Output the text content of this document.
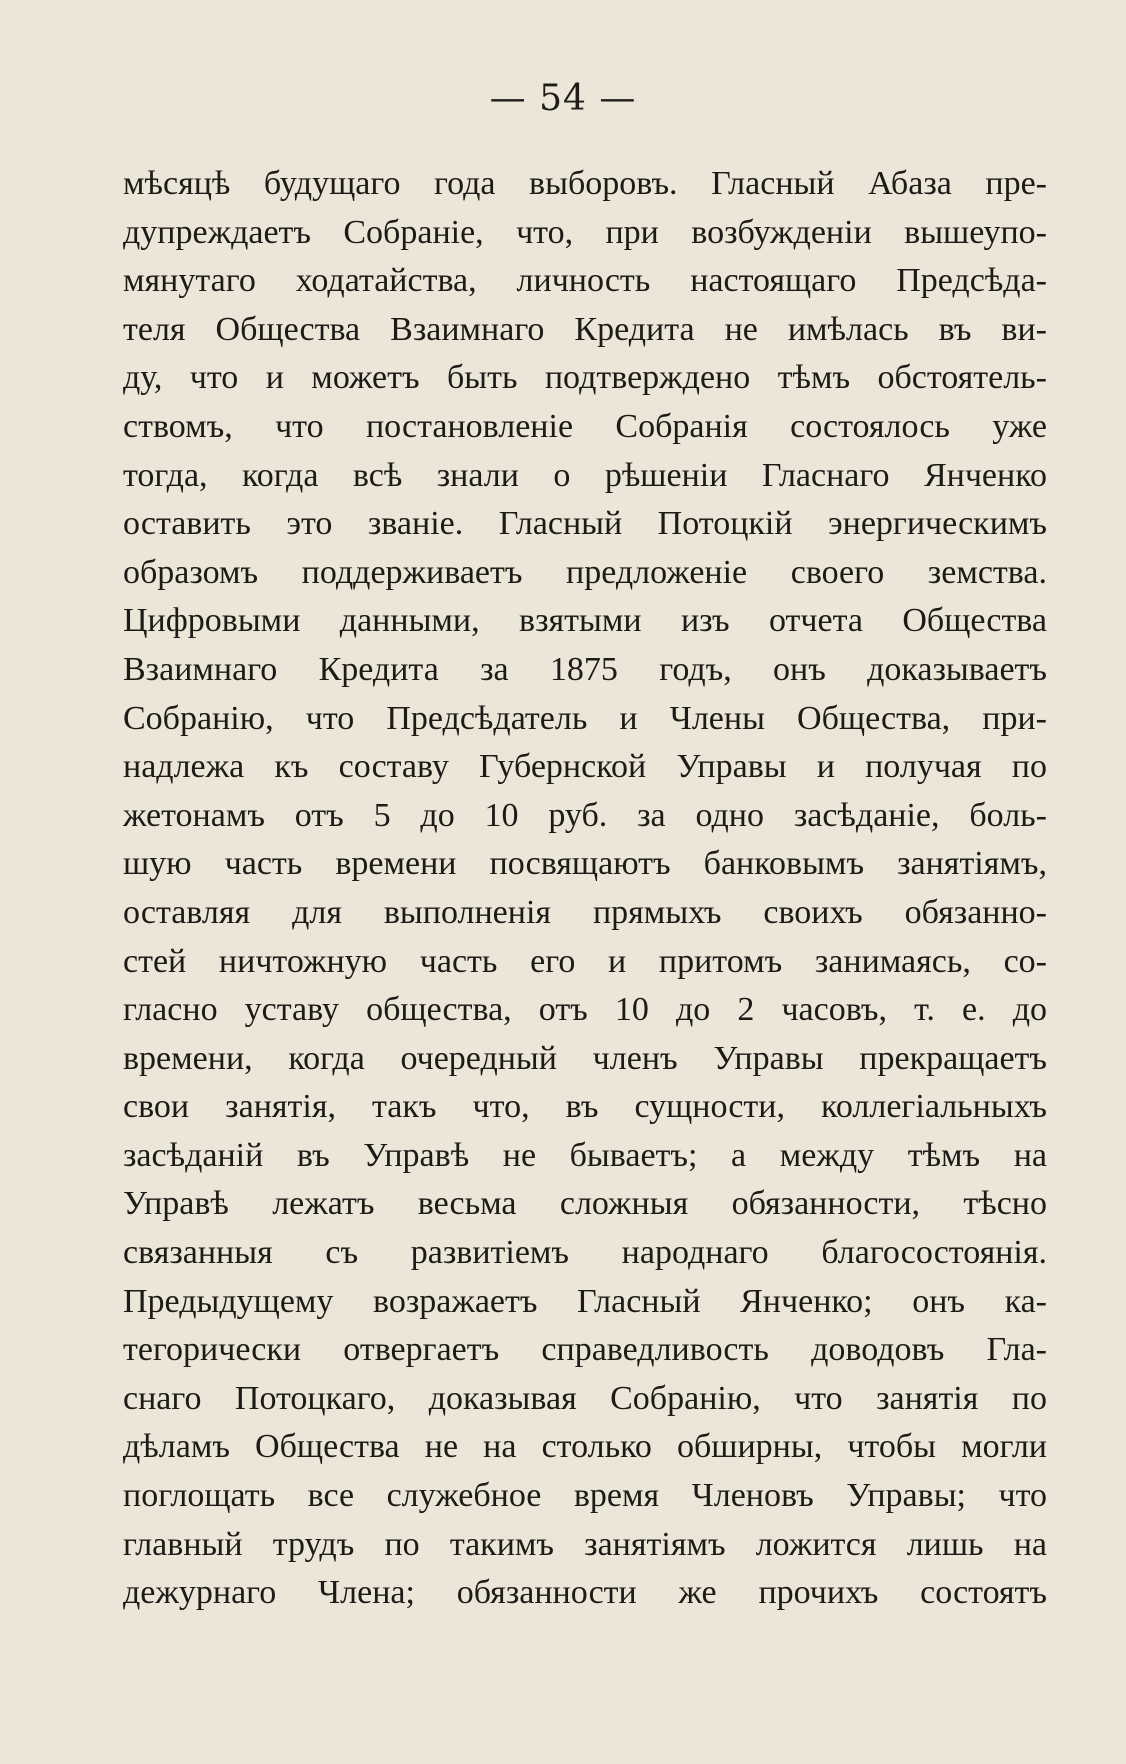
— 54 —
мѣсяцѣ будущаго года выборовъ. Гласный Абаза пре-
дупреждаетъ Собраніе, что, при возбужденіи вышеупо-
мянутаго ходатайства, личность настоящаго Предсѣда-
теля Общества Взаимнаго Кредита не имѣлась въ ви-
ду, что и можетъ быть подтверждено тѣмъ обстоятель-
ствомъ, что постановленіе Собранія состоялось уже
тогда, когда всѣ знали о рѣшеніи Гласнаго Янченко
оставить это званіе. Гласный Потоцкій энергическимъ
образомъ поддерживаетъ предложеніе своего земства.
Цифровыми данными, взятыми изъ отчета Общества
Взаимнаго Кредита за 1875 годъ, онъ доказываетъ
Собранію, что Предсѣдатель и Члены Общества, при-
надлежа къ составу Губернской Управы и получая по
жетонамъ отъ 5 до 10 руб. за одно засѣданіе, боль-
шую часть времени посвящаютъ банковымъ занятіямъ,
оставляя для выполненія прямыхъ своихъ обязанно-
стей ничтожную часть его и притомъ занимаясь, со-
гласно уставу общества, отъ 10 до 2 часовъ, т. е. до
времени, когда очередный членъ Управы прекращаетъ
свои занятія, такъ что, въ сущности, коллегіальныхъ
засѣданій въ Управѣ не бываетъ; а между тѣмъ на
Управѣ лежатъ весьма сложныя обязанности, тѣсно
связанныя съ развитіемъ народнаго благосостоянія.
Предыдущему возражаетъ Гласный Янченко; онъ ка-
тегорически отвергаетъ справедливость доводовъ Гла-
снаго Потоцкаго, доказывая Собранію, что занятія по
дѣламъ Общества не на столько обширны, чтобы могли
поглощать все служебное время Членовъ Управы; что
главный трудъ по такимъ занятіямъ ложится лишь на
дежурнаго Члена; обязанности же прочихъ состоятъ
